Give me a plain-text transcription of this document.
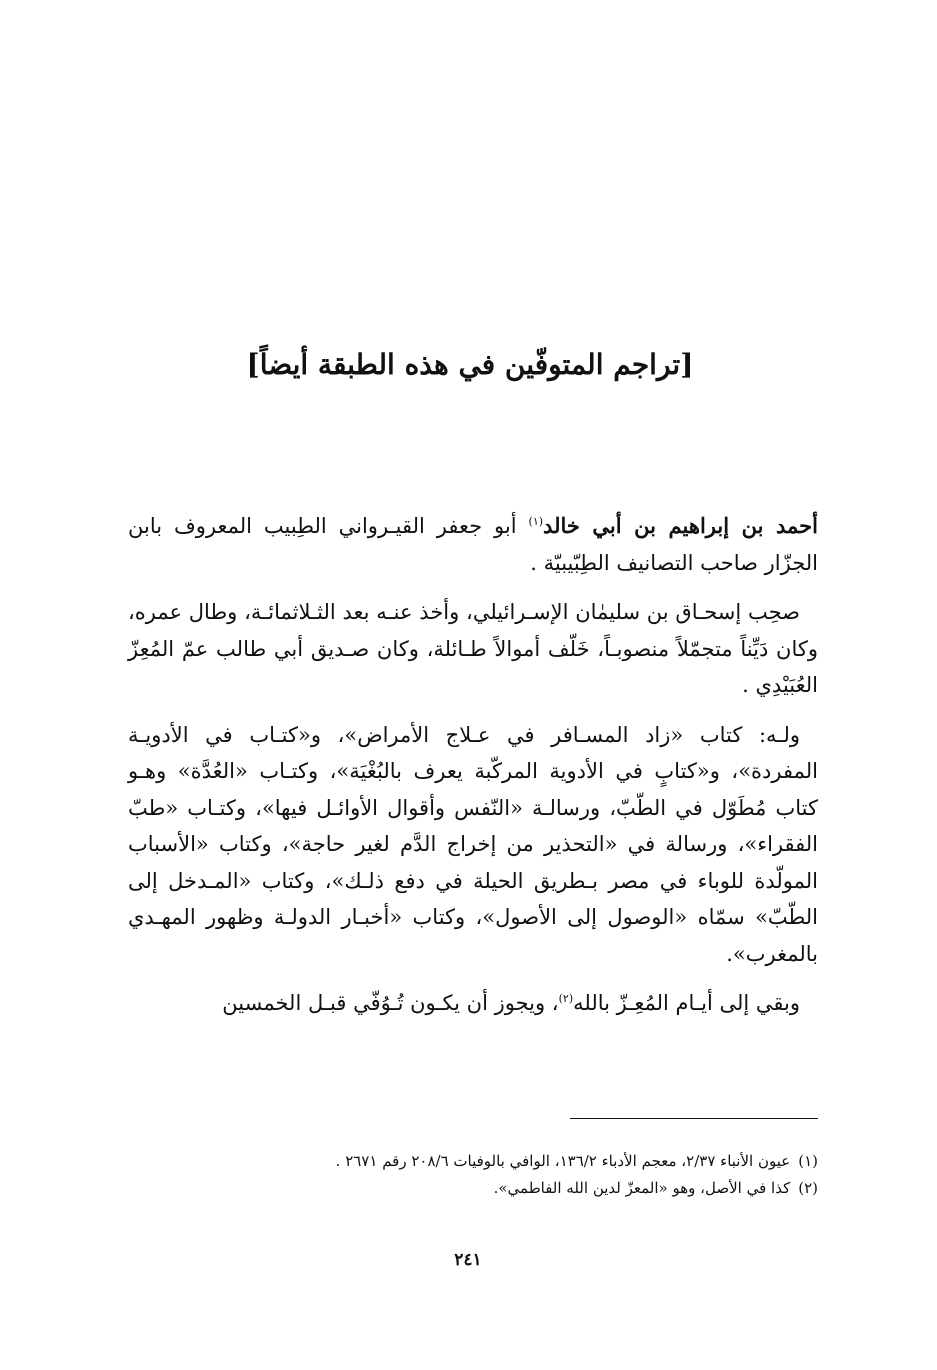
[تراجم المتوفّين في هذه الطبقة أيضاً]

أحمد بن إبراهيم بن أبي خالد$^{(١)}$ أبو جعفر القيـرواني الطِبيب المعروف بابن الجزّار صاحب التصانيف الطِبّيبيّة .

صحِب إسحـاق بن سليمٰان الإسـرائيلي، وأخذ عنـه بعد الثـلاثمائـة، وطال عمره، وكان دَيِّناً متجمّلاً منصوبـاً، خَلّف أموالاً طـائلة، وكان صـديق أبي طالب عمّ المُعِزّ العُبَيْدِي .

ولـه: كتاب «زاد المسـافر في عـلاج الأمراض»، و«كتـاب في الأدويـة المفردة»، و«كتابٍ في الأدوية المركّبة يعرف بالبُغْيَة»، وكتـاب «العُدَّة» وهـو كتاب مُطَوّل في الطّبّ، ورسالـة «النّفس وأقوال الأوائـل فيها»، وكتـاب «طبّ الفقراء»، ورسالة في «التحذير من إخراج الدَّم لغير حاجة»، وكتاب «الأسباب المولّدة للوباء في مصر بـطريق الحيلة في دفع ذلـك»، وكتاب «المـدخل إلى الطّبّ» سمّاه «الوصول إلى الأصول»، وكتاب «أخبـار الدولـة وظهور المهـدي بالمغرب».

وبقي إلى أيـام المُعِـزّ بالله$^{(٢)}$، ويجوز أن يكـون تُـوُفّي قبـل الخمسين

(١)عيون الأنباء ٢/٣٧، معجم الأدباء ١٣٦/٢، الوافي بالوفيات ٢٠٨/٦ رقم ٢٦٧١ .

(٢)كذا في الأصل، وهو «المعزّ لدين الله الفاطمي».

٢٤١
